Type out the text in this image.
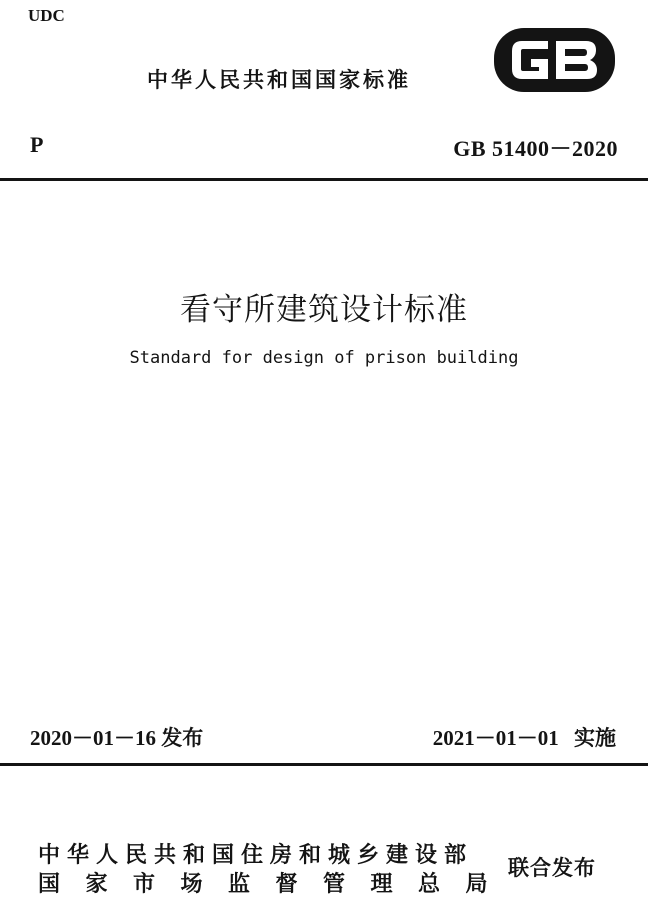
UDC
中华人民共和国国家标准
P	GB 51400－2020
看守所建筑设计标准
Standard for design of prison building
2020－01－16 发布	2021－01－01 实施
中华人民共和国住房和城乡建设部
国家市场监督管理总局
联合发布
